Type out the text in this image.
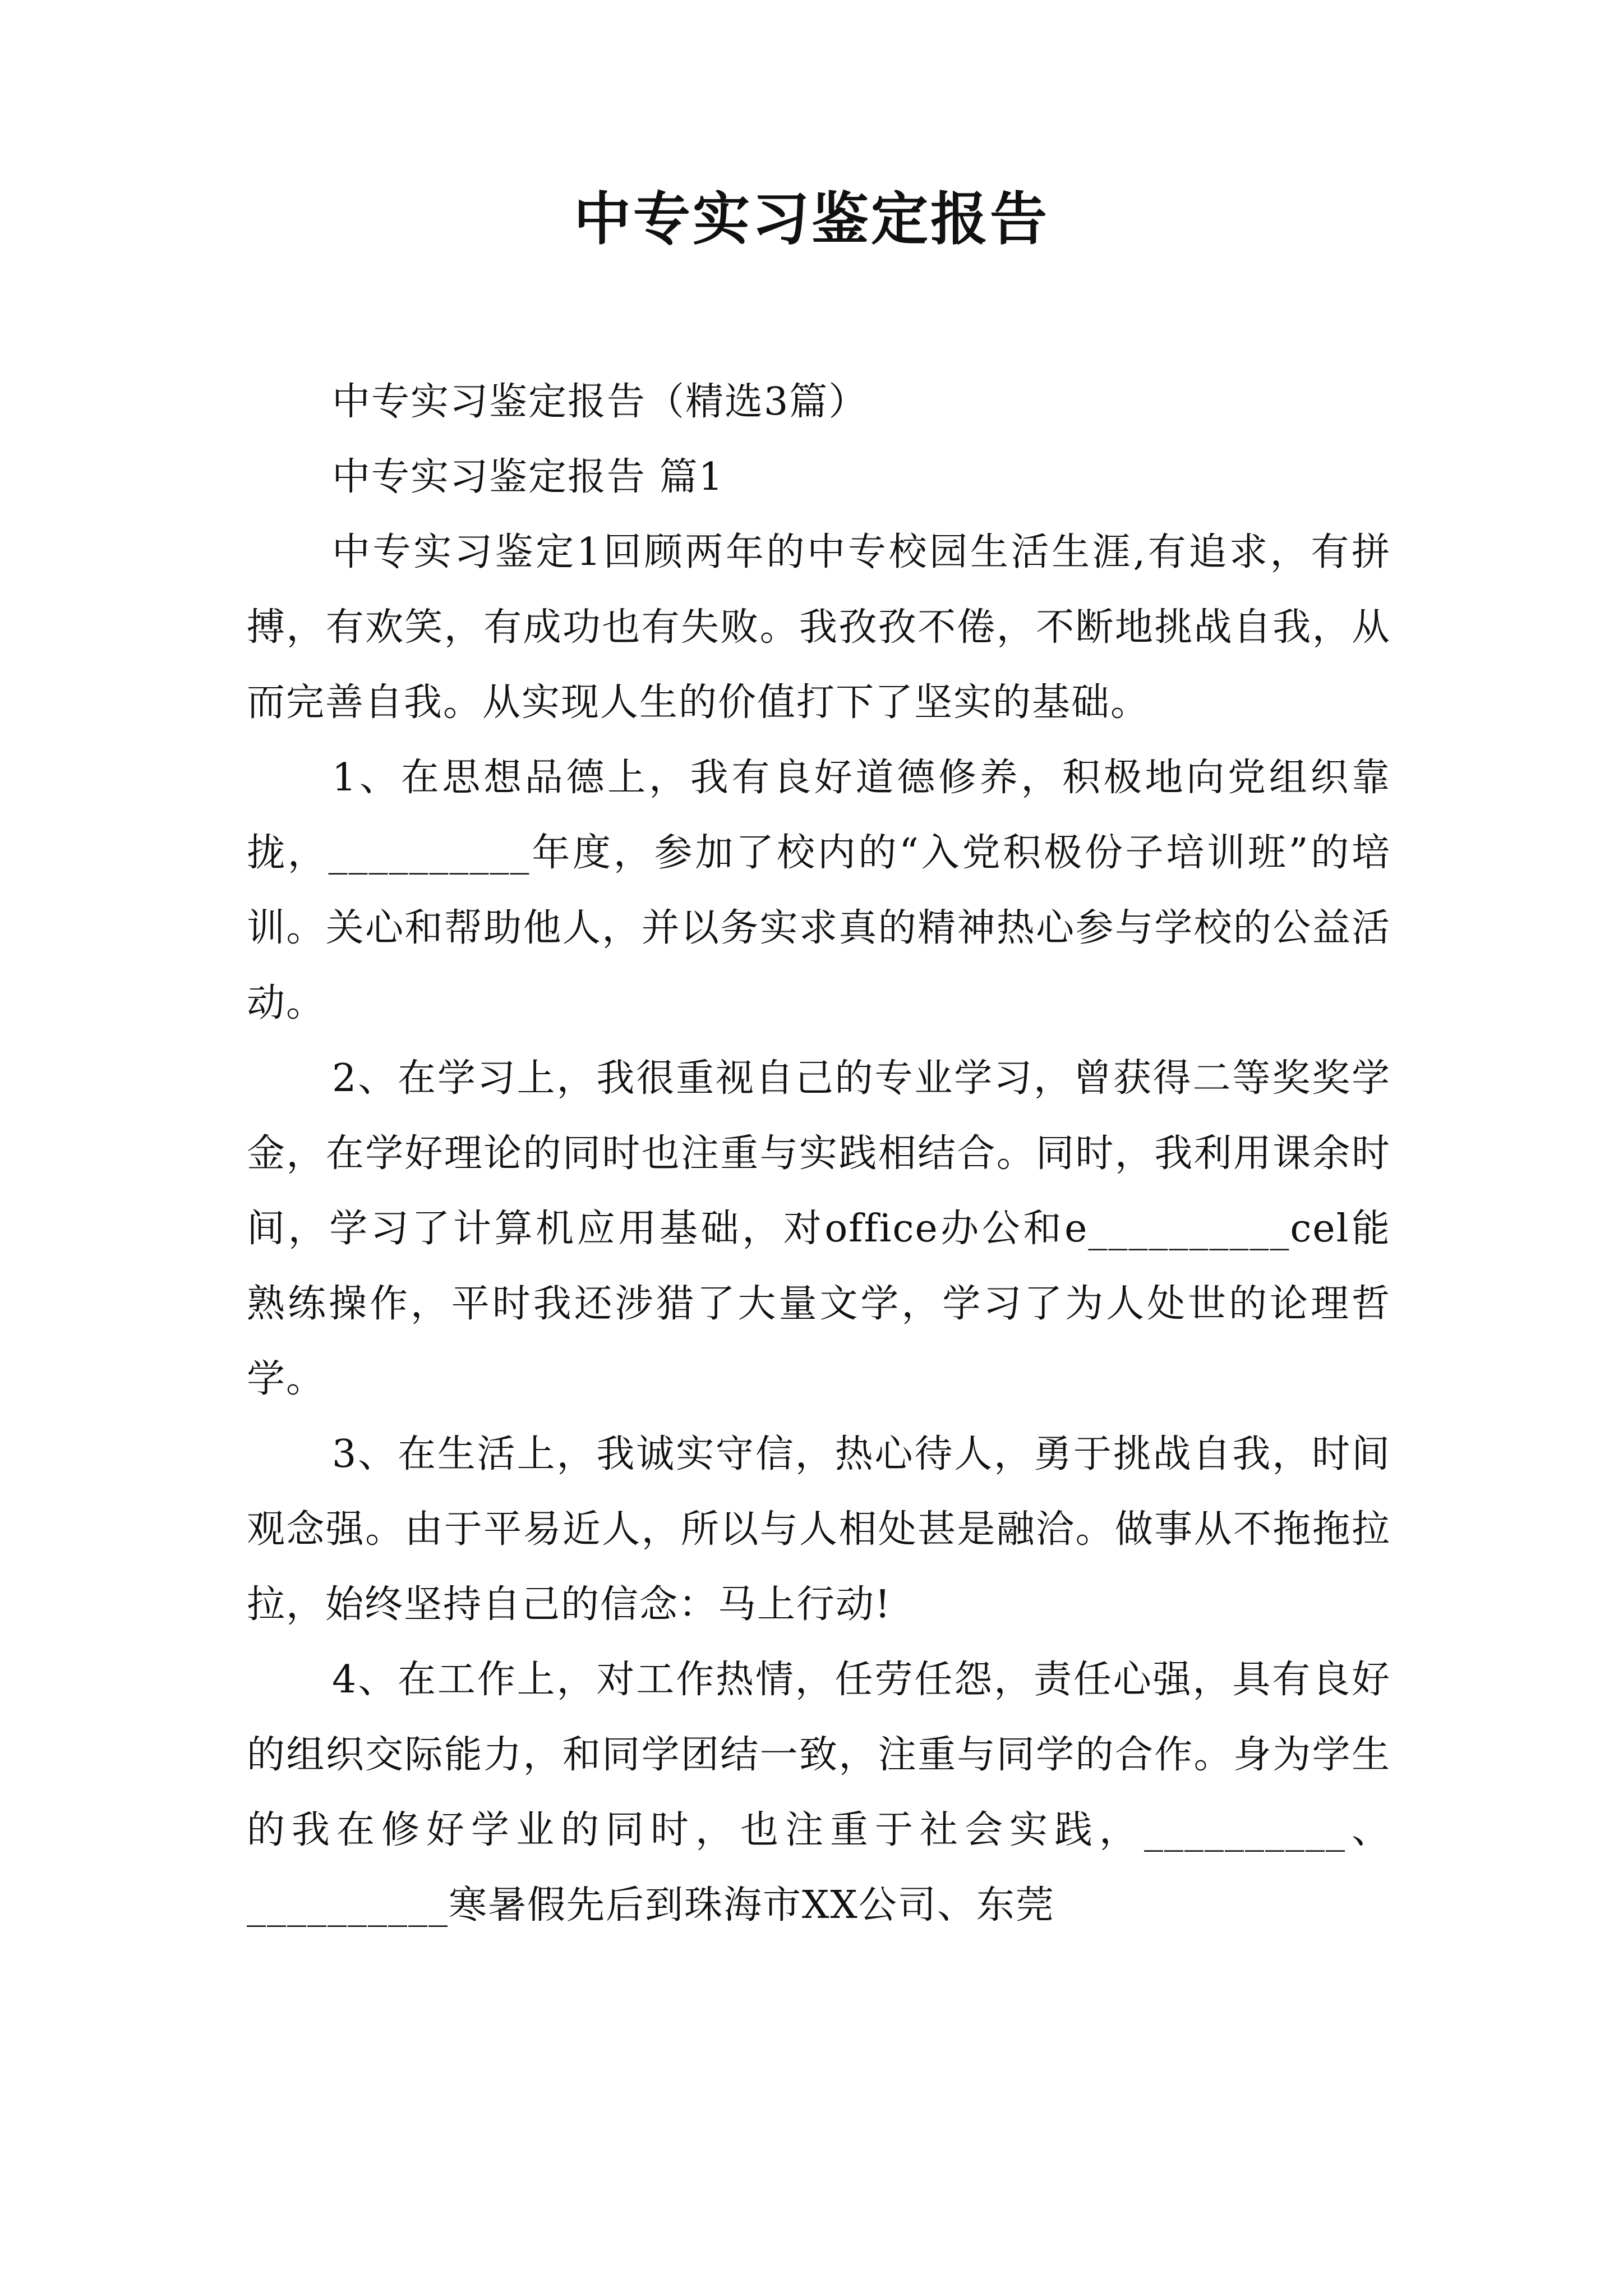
中专实习鉴定报告

中专实习鉴定报告（精选3篇）

中专实习鉴定报告 篇1

中专实习鉴定1回顾两年的中专校园生活生涯,有追求，有拼搏，有欢笑，有成功也有失败。我孜孜不倦，不断地挑战自我，从而完善自我。从实现人生的价值打下了坚实的基础。

1、在思想品德上，我有良好道德修养，积极地向党组织靠拢，__________年度，参加了校内的“入党积极份子培训班”的培训。关心和帮助他人，并以务实求真的精神热心参与学校的公益活动。

2、在学习上，我很重视自己的专业学习，曾获得二等奖奖学金，在学好理论的同时也注重与实践相结合。同时，我利用课余时间，学习了计算机应用基础，对office办公和e__________cel能熟练操作，平时我还涉猎了大量文学，学习了为人处世的论理哲学。

3、在生活上，我诚实守信，热心待人，勇于挑战自我，时间观念强。由于平易近人，所以与人相处甚是融洽。做事从不拖拖拉拉，始终坚持自己的信念：马上行动!

4、在工作上，对工作热情，任劳任怨，责任心强，具有良好的组织交际能力，和同学团结一致，注重与同学的合作。身为学生的我在修好学业的同时，也注重于社会实践，__________、__________寒暑假先后到珠海市XX公司、东莞
